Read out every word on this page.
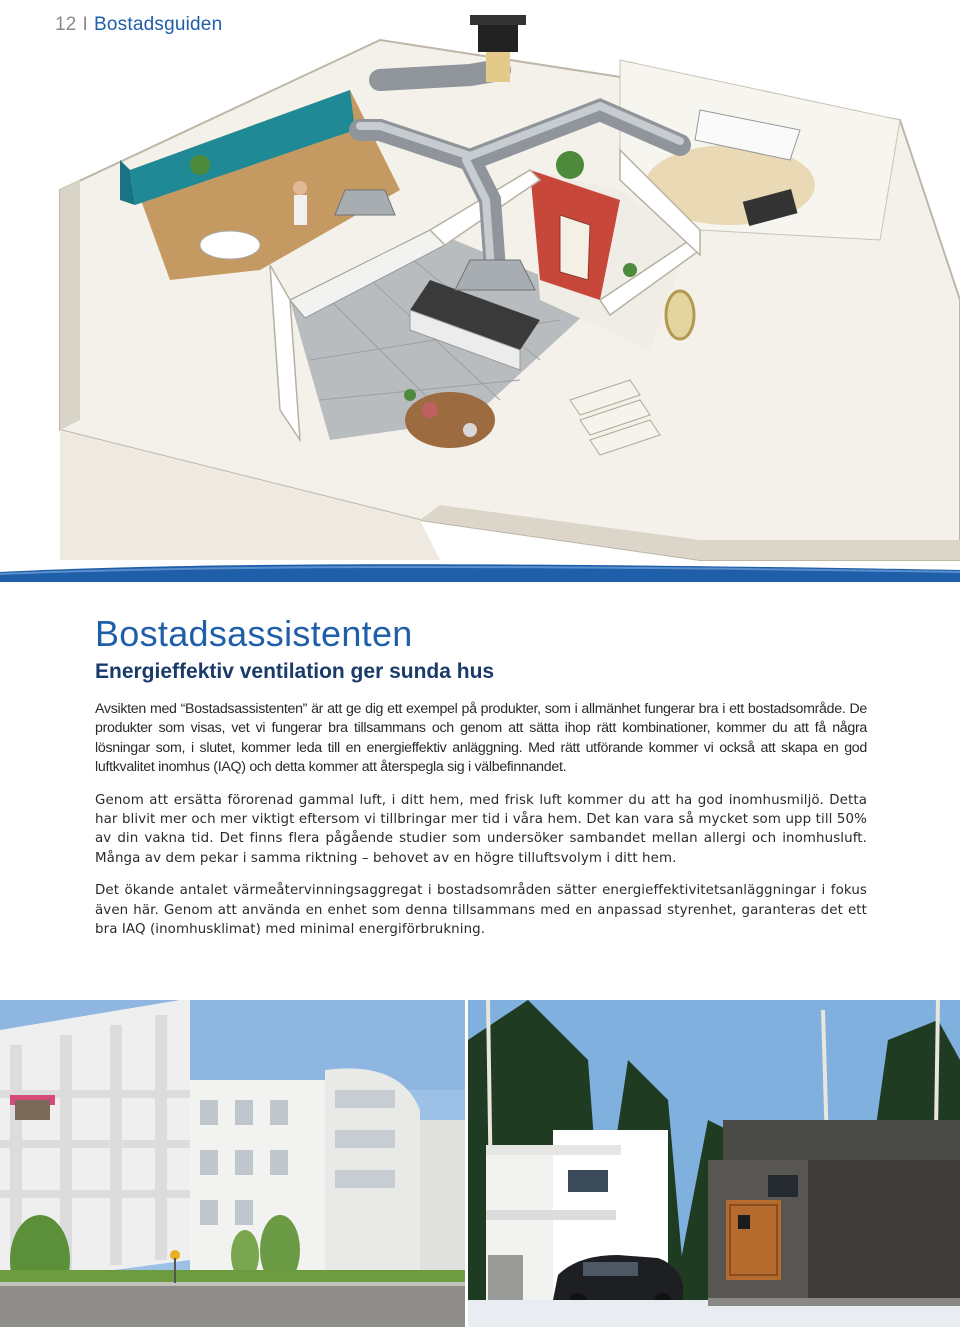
12 I Bostadsguiden
Bostadsassistenten
Energieffektiv ventilation ger sunda hus

Avsikten med “Bostadsassistenten” är att ge dig ett exempel på produkter, som i allmänhet fungerar bra i ett bostadsområde. De produkter som visas, vet vi fungerar bra tillsammans och genom att sätta ihop rätt kombinationer, kommer du att få några lösningar som, i slutet, kommer leda till en energieffektiv anläggning. Med rätt utförande kommer vi också att skapa en god luftkvalitet inomhus (IAQ) och detta kommer att återspegla sig i välbefinnandet.

Genom att ersätta förorenad gammal luft, i ditt hem, med frisk luft kommer du att ha god inomhusmiljö. Detta har blivit mer och mer viktigt eftersom vi tillbringar mer tid i våra hem. Det kan vara så mycket som upp till 50% av din vakna tid. Det finns flera pågående studier som undersöker sambandet mellan allergi och inomhusluft. Många av dem pekar i samma riktning – behovet av en högre tilluftsvolym i ditt hem.

Det ökande antalet värmeåtervinningsaggregat i bostadsområden sätter energieffektivitetsanläggningar i fokus även här. Genom att använda en enhet som denna tillsammans med en anpassad styrenhet, garanteras det ett bra IAQ (inomhusklimat) med minimal energiförbrukning.
